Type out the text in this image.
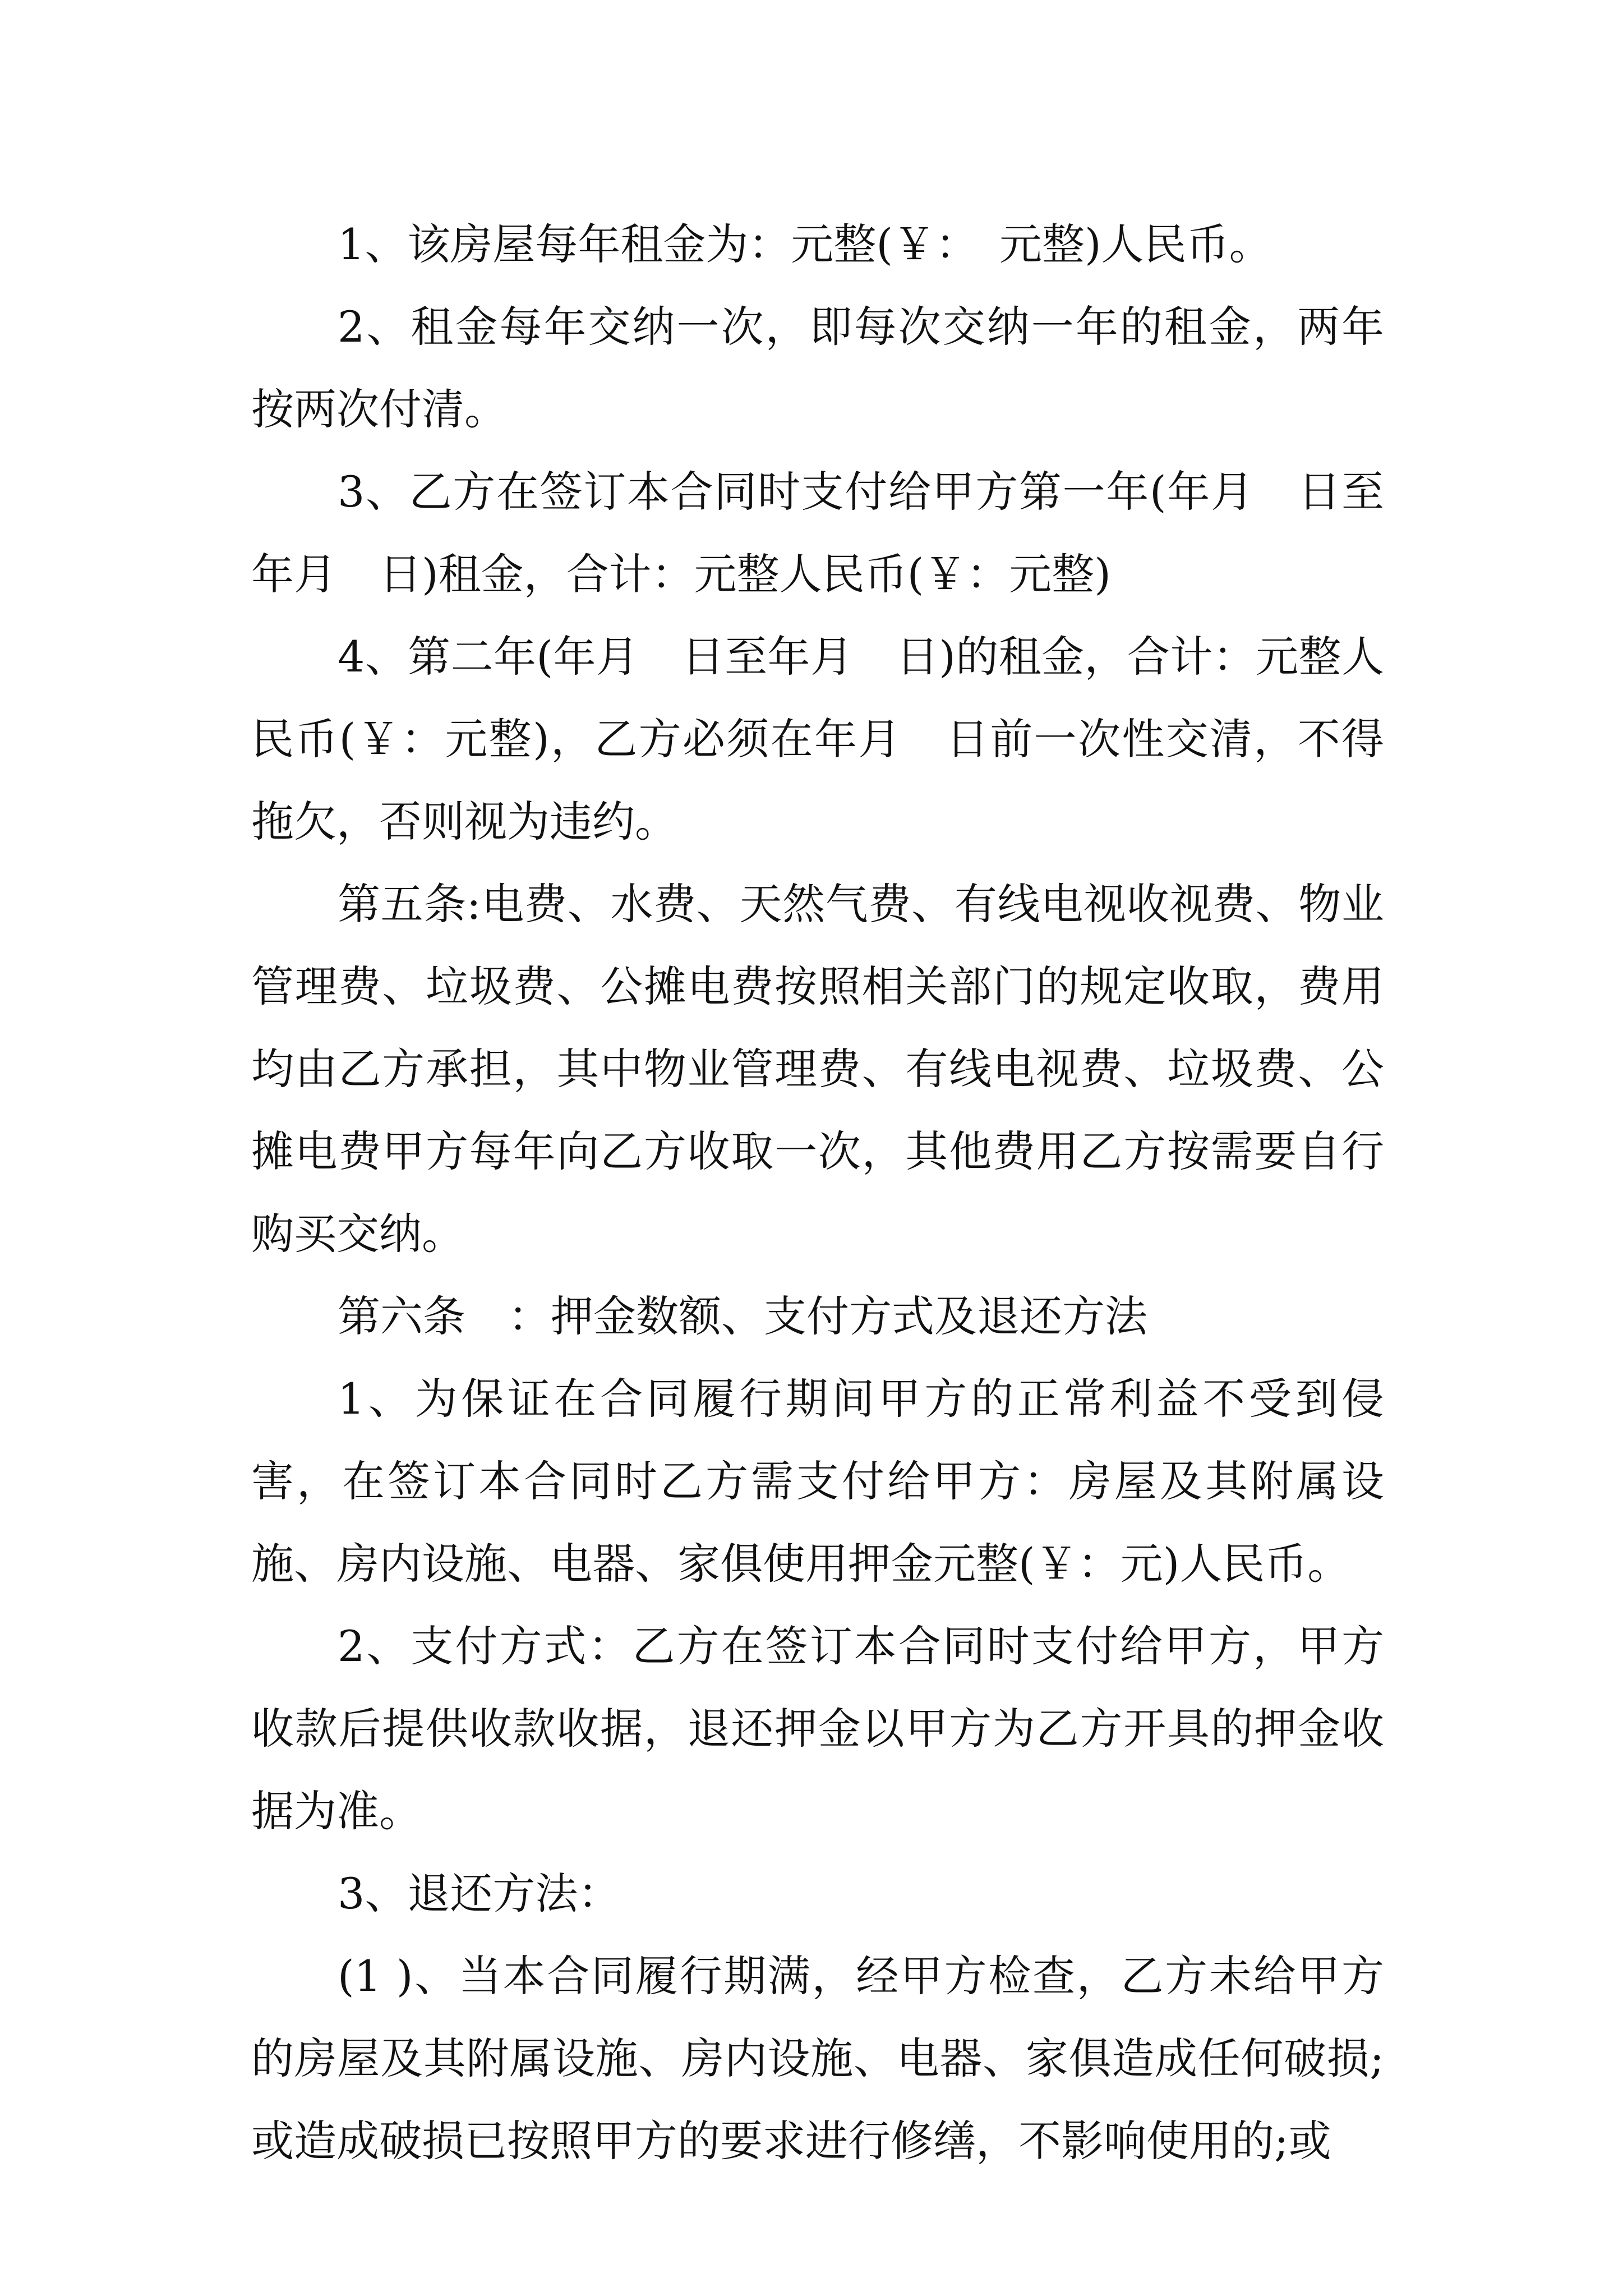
1、该房屋每年租金为：元整(￥：　元整)人民币。

2、租金每年交纳一次，即每次交纳一年的租金，两年按两次付清。

3、乙方在签订本合同时支付给甲方第一年(年月　日至年月　日)租金，合计：元整人民币(￥：元整)

4、第二年(年月　日至年月　日)的租金，合计：元整人民币(￥：元整)，乙方必须在年月　日前一次性交清，不得拖欠，否则视为违约。

第五条:电费、水费、天然气费、有线电视收视费、物业管理费、垃圾费、公摊电费按照相关部门的规定收取，费用均由乙方承担，其中物业管理费、有线电视费、垃圾费、公摊电费甲方每年向乙方收取一次，其他费用乙方按需要自行购买交纳。

第六条　：押金数额、支付方式及退还方法

1、为保证在合同履行期间甲方的正常利益不受到侵害，在签订本合同时乙方需支付给甲方：房屋及其附属设施、房内设施、电器、家俱使用押金元整(￥：元)人民币。

2、支付方式：乙方在签订本合同时支付给甲方，甲方收款后提供收款收据，退还押金以甲方为乙方开具的押金收据为准。

3、退还方法：

(1 )、当本合同履行期满，经甲方检查，乙方未给甲方的房屋及其附属设施、房内设施、电器、家俱造成任何破损;或造成破损已按照甲方的要求进行修缮，不影响使用的;或
